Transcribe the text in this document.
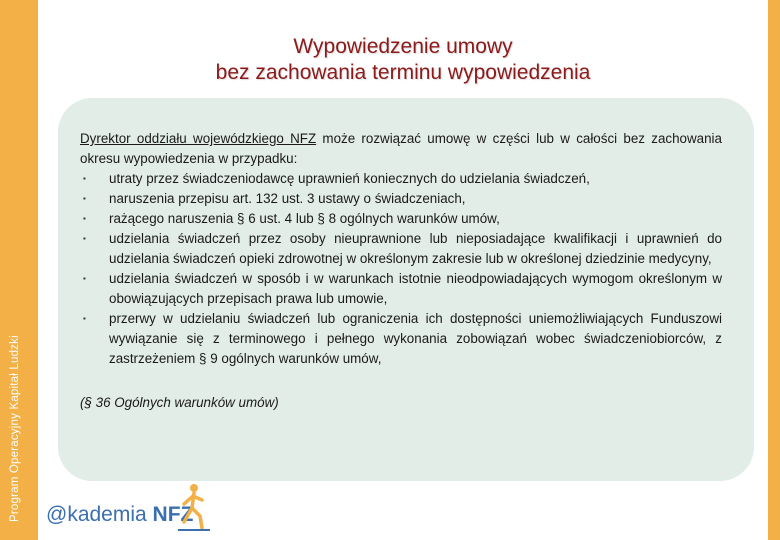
Program Operacyjny Kapitał Ludzki
Wypowiedzenie umowy
bez zachowania terminu wypowiedzenia

Dyrektor oddziału wojewódzkiego NFZ może rozwiązać umowę w części lub w całości bez zachowania okresu wypowiedzenia w przypadku:

▪ utraty przez świadczeniodawcę uprawnień koniecznych do udzielania świadczeń,
▪ naruszenia przepisu art. 132 ust. 3 ustawy o świadczeniach,
▪ rażącego naruszenia § 6 ust. 4 lub § 8 ogólnych warunków umów,
▪ udzielania świadczeń przez osoby nieuprawnione lub nieposiadające kwalifikacji i uprawnień do udzielania świadczeń opieki zdrowotnej w określonym zakresie lub w określonej dziedzinie medycyny,
▪ udzielania świadczeń w sposób i w warunkach istotnie nieodpowiadających wymogom określonym w obowiązujących przepisach prawa lub umowie,
▪ przerwy w udzielaniu świadczeń lub ograniczenia ich dostępności uniemożliwiających Funduszowi wywiązanie się z terminowego i pełnego wykonania zobowiązań wobec świadczeniobiorców, z zastrzeżeniem § 9 ogólnych warunków umów,
(§ 36 Ogólnych warunków umów)
@kademia NFZ
